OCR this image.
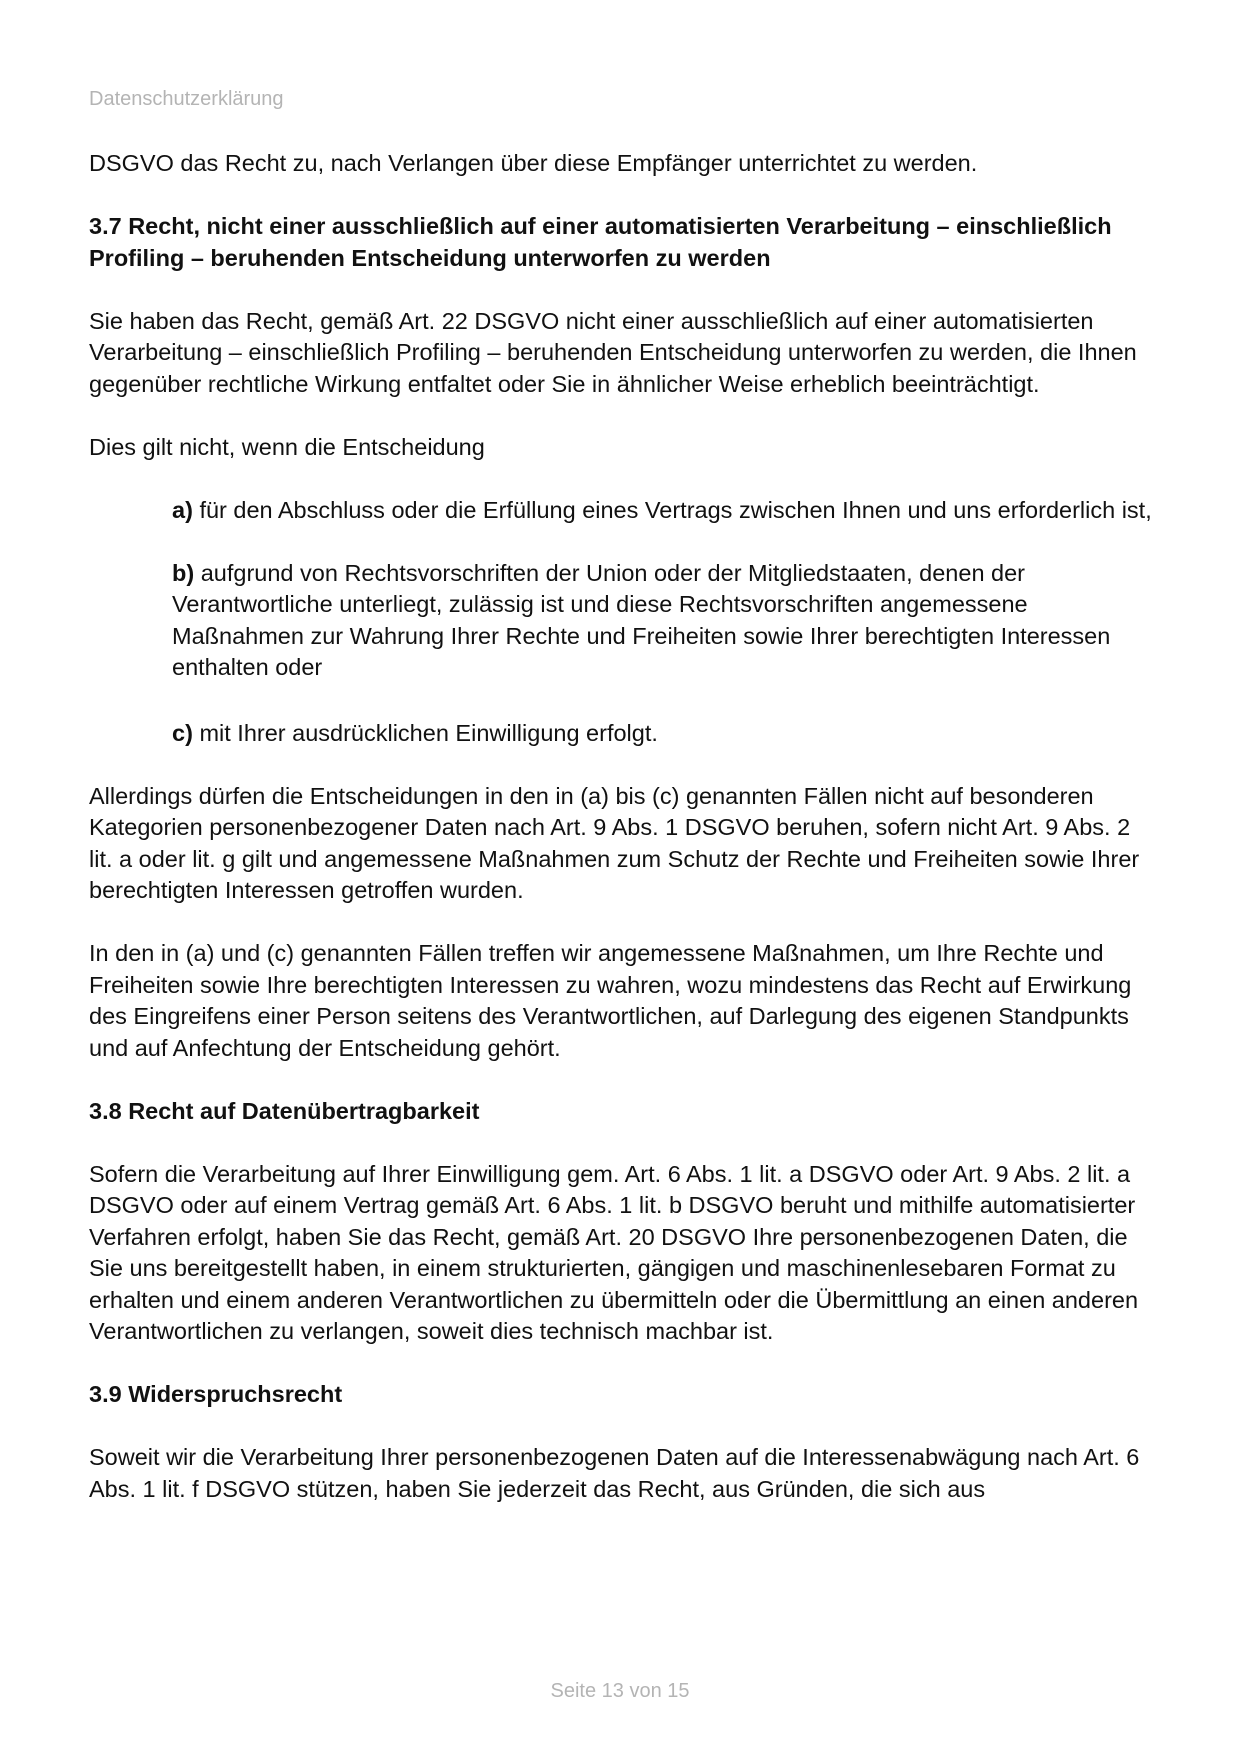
Datenschutzerklärung

DSGVO das Recht zu, nach Verlangen über diese Empfänger unterrichtet zu werden.

3.7 Recht, nicht einer ausschließlich auf einer automatisierten Verarbeitung – einschließlich Profiling – beruhenden Entscheidung unterworfen zu werden

Sie haben das Recht, gemäß Art. 22 DSGVO nicht einer ausschließlich auf einer automatisierten Verarbeitung – einschließlich Profiling – beruhenden Entscheidung unterworfen zu werden, die Ihnen gegenüber rechtliche Wirkung entfaltet oder Sie in ähnlicher Weise erheblich beeinträchtigt.

Dies gilt nicht, wenn die Entscheidung

a) für den Abschluss oder die Erfüllung eines Vertrags zwischen Ihnen und uns erforderlich ist,

b) aufgrund von Rechtsvorschriften der Union oder der Mitgliedstaaten, denen der Verantwortliche unterliegt, zulässig ist und diese Rechtsvorschriften angemessene Maßnahmen zur Wahrung Ihrer Rechte und Freiheiten sowie Ihrer berechtigten Interessen enthalten oder

c) mit Ihrer ausdrücklichen Einwilligung erfolgt.

Allerdings dürfen die Entscheidungen in den in (a) bis (c) genannten Fällen nicht auf besonderen Kategorien personenbezogener Daten nach Art. 9 Abs. 1 DSGVO beruhen, sofern nicht Art. 9 Abs. 2 lit. a oder lit. g gilt und angemessene Maßnahmen zum Schutz der Rechte und Freiheiten sowie Ihrer berechtigten Interessen getroffen wurden.

In den in (a) und (c) genannten Fällen treffen wir angemessene Maßnahmen, um Ihre Rechte und Freiheiten sowie Ihre berechtigten Interessen zu wahren, wozu mindestens das Recht auf Erwirkung des Eingreifens einer Person seitens des Verantwortlichen, auf Darlegung des eigenen Standpunkts und auf Anfechtung der Entscheidung gehört.

3.8 Recht auf Datenübertragbarkeit

Sofern die Verarbeitung auf Ihrer Einwilligung gem. Art. 6 Abs. 1 lit. a DSGVO oder Art. 9 Abs. 2 lit. a DSGVO oder auf einem Vertrag gemäß Art. 6 Abs. 1 lit. b DSGVO beruht und mithilfe automatisierter Verfahren erfolgt, haben Sie das Recht, gemäß Art. 20 DSGVO Ihre personenbezogenen Daten, die Sie uns bereitgestellt haben, in einem strukturierten, gängigen und maschinenlesebaren Format zu erhalten und einem anderen Verantwortlichen zu übermitteln oder die Übermittlung an einen anderen Verantwortlichen zu verlangen, soweit dies technisch machbar ist.

3.9 Widerspruchsrecht

Soweit wir die Verarbeitung Ihrer personenbezogenen Daten auf die Interessenabwägung nach Art. 6 Abs. 1 lit. f DSGVO stützen, haben Sie jederzeit das Recht, aus Gründen, die sich aus

Seite 13 von 15
